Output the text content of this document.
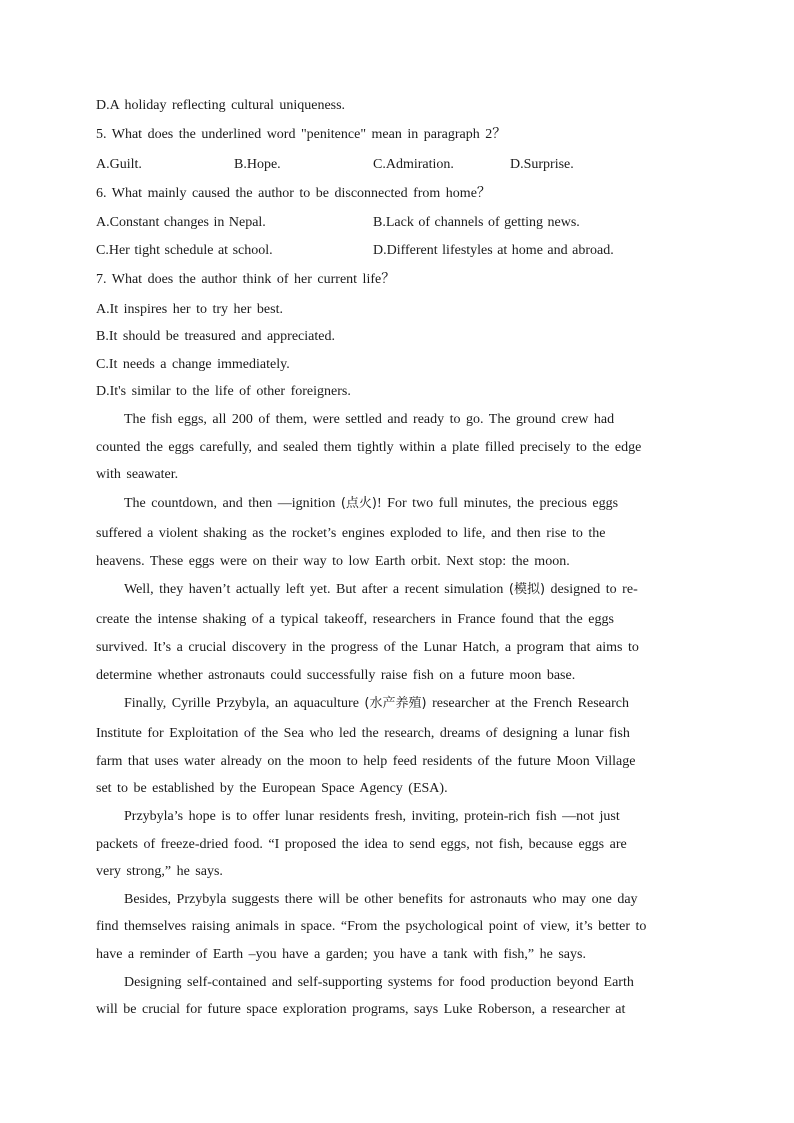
D.A holiday reflecting cultural uniqueness.
5. What does the underlined word "penitence" mean in paragraph 2？
A.Guilt.	B.Hope.	C.Admiration.	D.Surprise.
6. What mainly caused the author to be disconnected from home？
A.Constant changes in Nepal.	B.Lack of channels of getting news.
C.Her tight schedule at school.	D.Different lifestyles at home and abroad.
7. What does the author think of her current life？
A.It inspires her to try her best.
B.It should be treasured and appreciated.
C.It needs a change immediately.
D.It's similar to the life of other foreigners.
The fish eggs, all 200 of them, were settled and ready to go. The ground crew had
counted the eggs carefully, and sealed them tightly within a plate filled precisely to the edge
with seawater.
The countdown, and then —ignition (点火)! For two full minutes, the precious eggs
suffered a violent shaking as the rocket’s engines exploded to life, and then rise to the
heavens. These eggs were on their way to low Earth orbit. Next stop: the moon.
Well, they haven’t actually left yet. But after a recent simulation (模拟) designed to re-
create the intense shaking of a typical takeoff, researchers in France found that the eggs
survived. It’s a crucial discovery in the progress of the Lunar Hatch, a program that aims to
determine whether astronauts could successfully raise fish on a future moon base.
Finally, Cyrille Przybyla, an aquaculture (水产养殖) researcher at the French Research
Institute for Exploitation of the Sea who led the research, dreams of designing a lunar fish
farm that uses water already on the moon to help feed residents of the future Moon Village
set to be established by the European Space Agency (ESA).
Przybyla’s hope is to offer lunar residents fresh, inviting, protein-rich fish —not just
packets of freeze-dried food. “I proposed the idea to send eggs, not fish, because eggs are
very strong,” he says.
Besides, Przybyla suggests there will be other benefits for astronauts who may one day
find themselves raising animals in space. “From the psychological point of view, it’s better to
have a reminder of Earth –you have a garden; you have a tank with fish,” he says.
Designing self-contained and self-supporting systems for food production beyond Earth
will be crucial for future space exploration programs, says Luke Roberson, a researcher at
